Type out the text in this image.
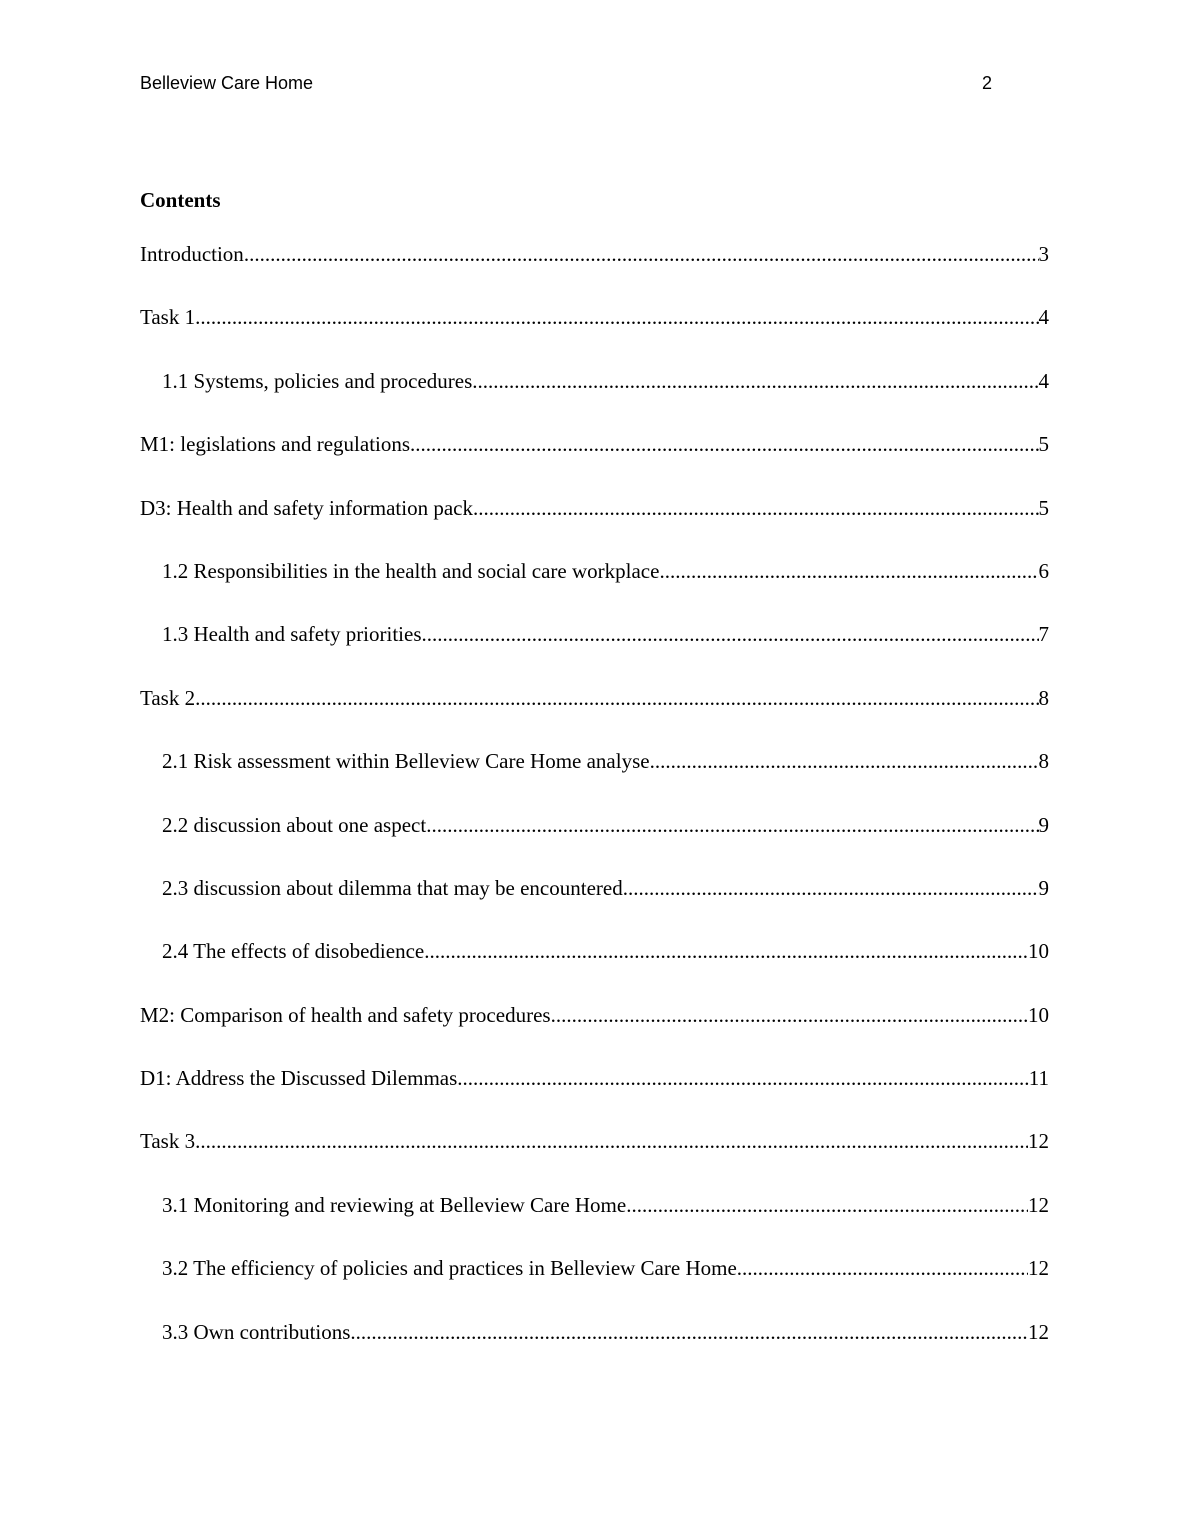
Belleview Care Home	2
Contents
Introduction .....	3
Task 1 .....	4
1.1 Systems, policies and procedures .....	4
M1: legislations and regulations .....	5
D3: Health and safety information pack .....	5
1.2 Responsibilities in the health and social care workplace .....	6
1.3 Health and safety priorities .....	7
Task 2 .....	8
2.1 Risk assessment within Belleview Care Home analyse .....	8
2.2 discussion about one aspect .....	9
2.3 discussion about dilemma that may be encountered .....	9
2.4 The effects of disobedience .....	10
M2: Comparison of health and safety procedures .....	10
D1: Address the Discussed Dilemmas .....	11
Task 3 .....	12
3.1 Monitoring and reviewing at Belleview Care Home .....	12
3.2 The efficiency of policies and practices in Belleview Care Home .....	12
3.3 Own contributions .....	12
